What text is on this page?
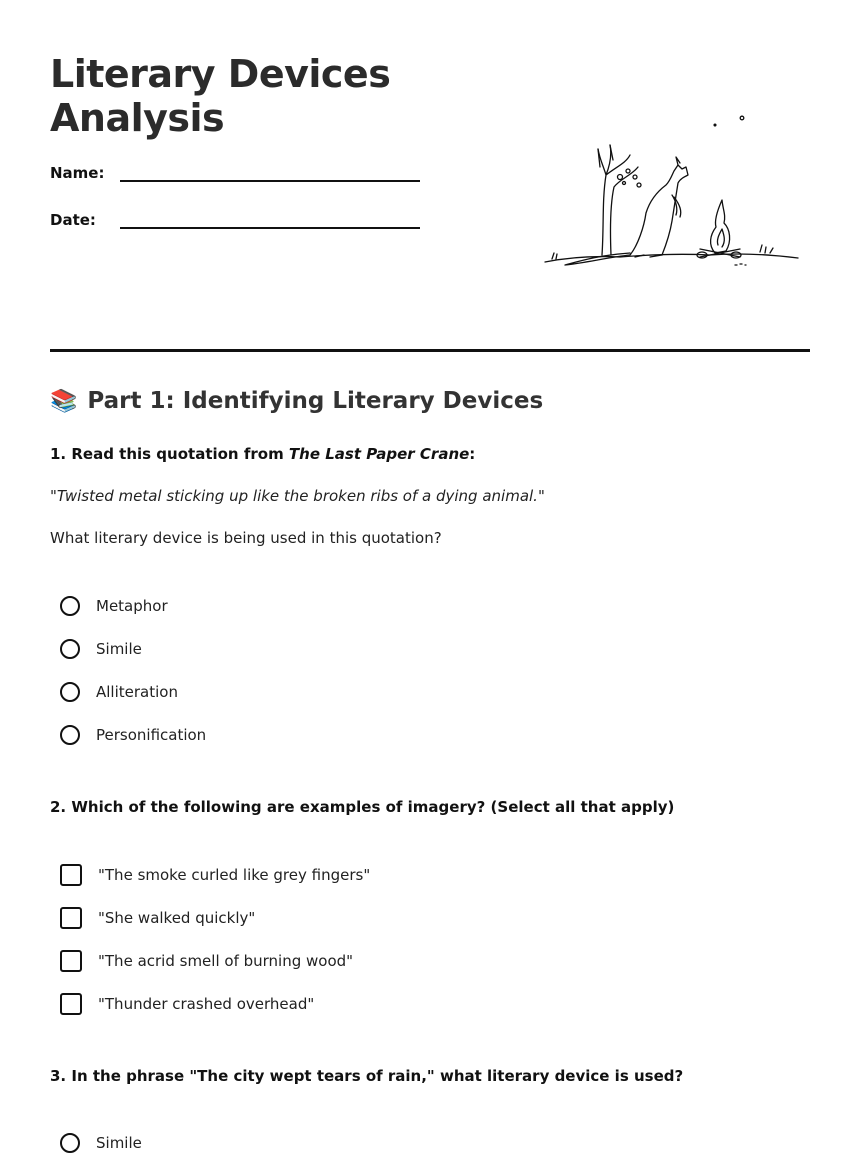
Literary Devices
Analysis
Name:
Date:
📚 Part 1: Identifying Literary Devices
1. Read this quotation from The Last Paper Crane:
"Twisted metal sticking up like the broken ribs of a dying animal."
What literary device is being used in this quotation?
Metaphor
Simile
Alliteration
Personification
2. Which of the following are examples of imagery? (Select all that apply)
"The smoke curled like grey fingers"
"She walked quickly"
"The acrid smell of burning wood"
"Thunder crashed overhead"
3. In the phrase "The city wept tears of rain," what literary device is used?
Simile
